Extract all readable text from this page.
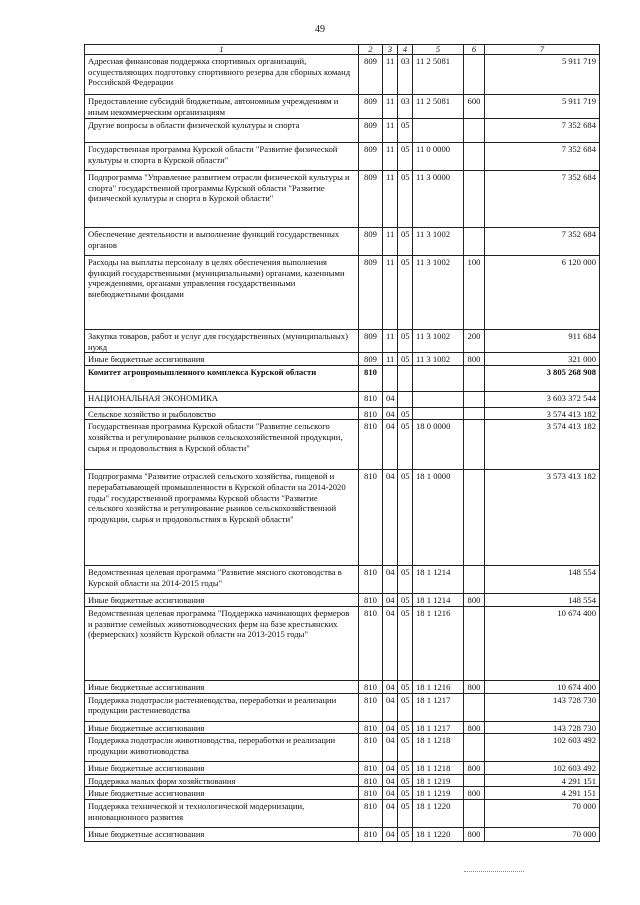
49
1	2	3	4	5	6	7
Адресная финансовая поддержка спортивных организаций, осуществляющих подготовку спортивного резерва для сборных команд Российской Федерации	809	11	03	11 2 5081		5 911 719
Предоставление субсидий бюджетным, автономным учреждениям и иным некоммерческим организациям	809	11	03	11 2 5081	600	5 911 719
Другие вопросы в области физической культуры и спорта	809	11	05			7 352 684
Государственная программа Курской области "Развитие физической культуры и спорта в Курской области"	809	11	05	11 0 0000		7 352 684
Подпрограмма "Управление развитием отрасли физической культуры и спорта" государственной программы Курской области "Развитие физической культуры и спорта в Курской области"	809	11	05	11 3 0000		7 352 684
Обеспечение деятельности и выполнение функций государственных органов	809	11	05	11 3 1002		7 352 684
Расходы на выплаты персоналу в целях обеспечения выполнения функций государственными (муниципальными) органами, казенными учреждениями, органами управления государственными внебюджетными фондами	809	11	05	11 3 1002	100	6 120 000
Закупка товаров, работ и услуг для государственных (муниципальных) нужд	809	11	05	11 3 1002	200	911 684
Иные бюджетные ассигнования	809	11	05	11 3 1002	800	321 000
Комитет агропромышленного комплекса Курской области	810					3 805 268 908
НАЦИОНАЛЬНАЯ ЭКОНОМИКА	810	04				3 603 372 544
Сельское хозяйство и рыболовство	810	04	05			3 574 413 182
Государственная программа Курской области "Развитие сельского хозяйства и регулирование рынков сельскохозяйственной продукции, сырья и продовольствия в Курской области"	810	04	05	18 0 0000		3 574 413 182
Подпрограмма "Развитие отраслей сельского хозяйства, пищевой и перерабатывающей промышленности в Курской области на 2014-2020 годы" государственной программы Курской области "Развитие сельского хозяйства и регулирование рынков сельскохозяйственной продукции, сырья и продовольствия в Курской области"	810	04	05	18 1 0000		3 573 413 182
Ведомственная целевая программа "Развитие мясного скотоводства в Курской области на 2014-2015 годы"	810	04	05	18 1 1214		148 554
Иные бюджетные ассигнования	810	04	05	18 1 1214	800	148 554
Ведомственная целевая программа "Поддержка начинающих фермеров и развитие семейных животноводческих ферм на базе крестьянских (фермерских) хозяйств Курской области на 2013-2015 годы"	810	04	05	18 1 1216		10 674 400
Иные бюджетные ассигнования	810	04	05	18 1 1216	800	10 674 400
Поддержка подотрасли растениеводства, переработки и реализации продукции растениеводства	810	04	05	18 1 1217		143 728 730
Иные бюджетные ассигнования	810	04	05	18 1 1217	800	143 728 730
Поддержка подотрасли животноводства, переработки и реализации продукции животноводства	810	04	05	18 1 1218		102 603 492
Иные бюджетные ассигнования	810	04	05	18 1 1218	800	102 603 492
Поддержка малых форм хозяйствования	810	04	05	18 1 1219		4 291 151
Иные бюджетные ассигнования	810	04	05	18 1 1219	800	4 291 151
Поддержка технической и технологической модернизации, инновационного развития	810	04	05	18 1 1220		70 000
Иные бюджетные ассигнования	810	04	05	18 1 1220	800	70 000
